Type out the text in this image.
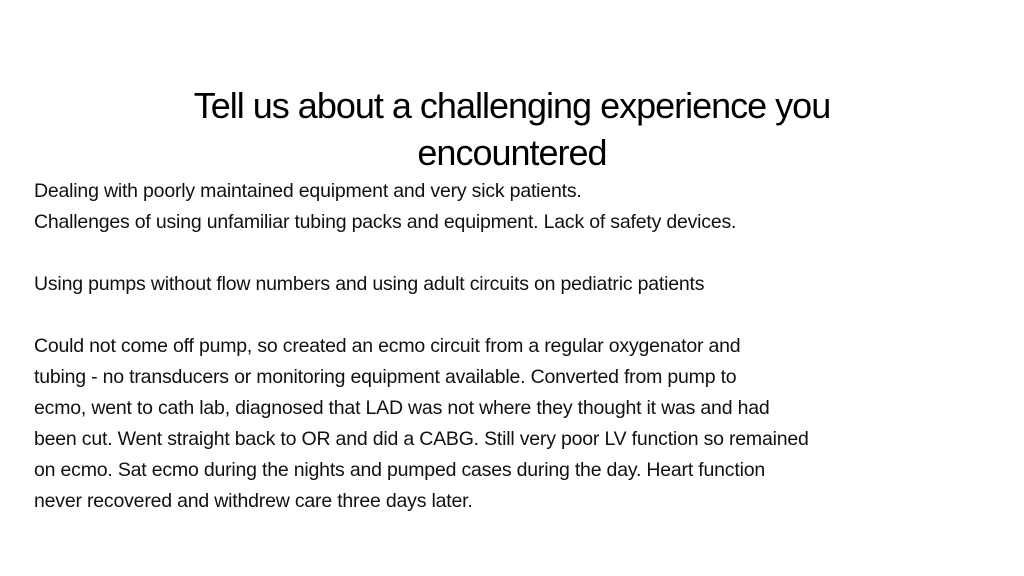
Tell us about a challenging experience you
encountered
Dealing with poorly maintained equipment and very sick patients.
Challenges of using unfamiliar tubing packs and equipment. Lack of safety devices.
Using pumps without flow numbers and using adult circuits on pediatric patients
Could not come off pump, so created an ecmo circuit from a regular oxygenator and
tubing - no transducers or monitoring equipment available. Converted from pump to
ecmo, went to cath lab, diagnosed that LAD was not where they thought it was and had
been cut. Went straight back to OR and did a CABG. Still very poor LV function so remained
on ecmo. Sat ecmo during the nights and pumped cases during the day. Heart function
never recovered and withdrew care three days later.
